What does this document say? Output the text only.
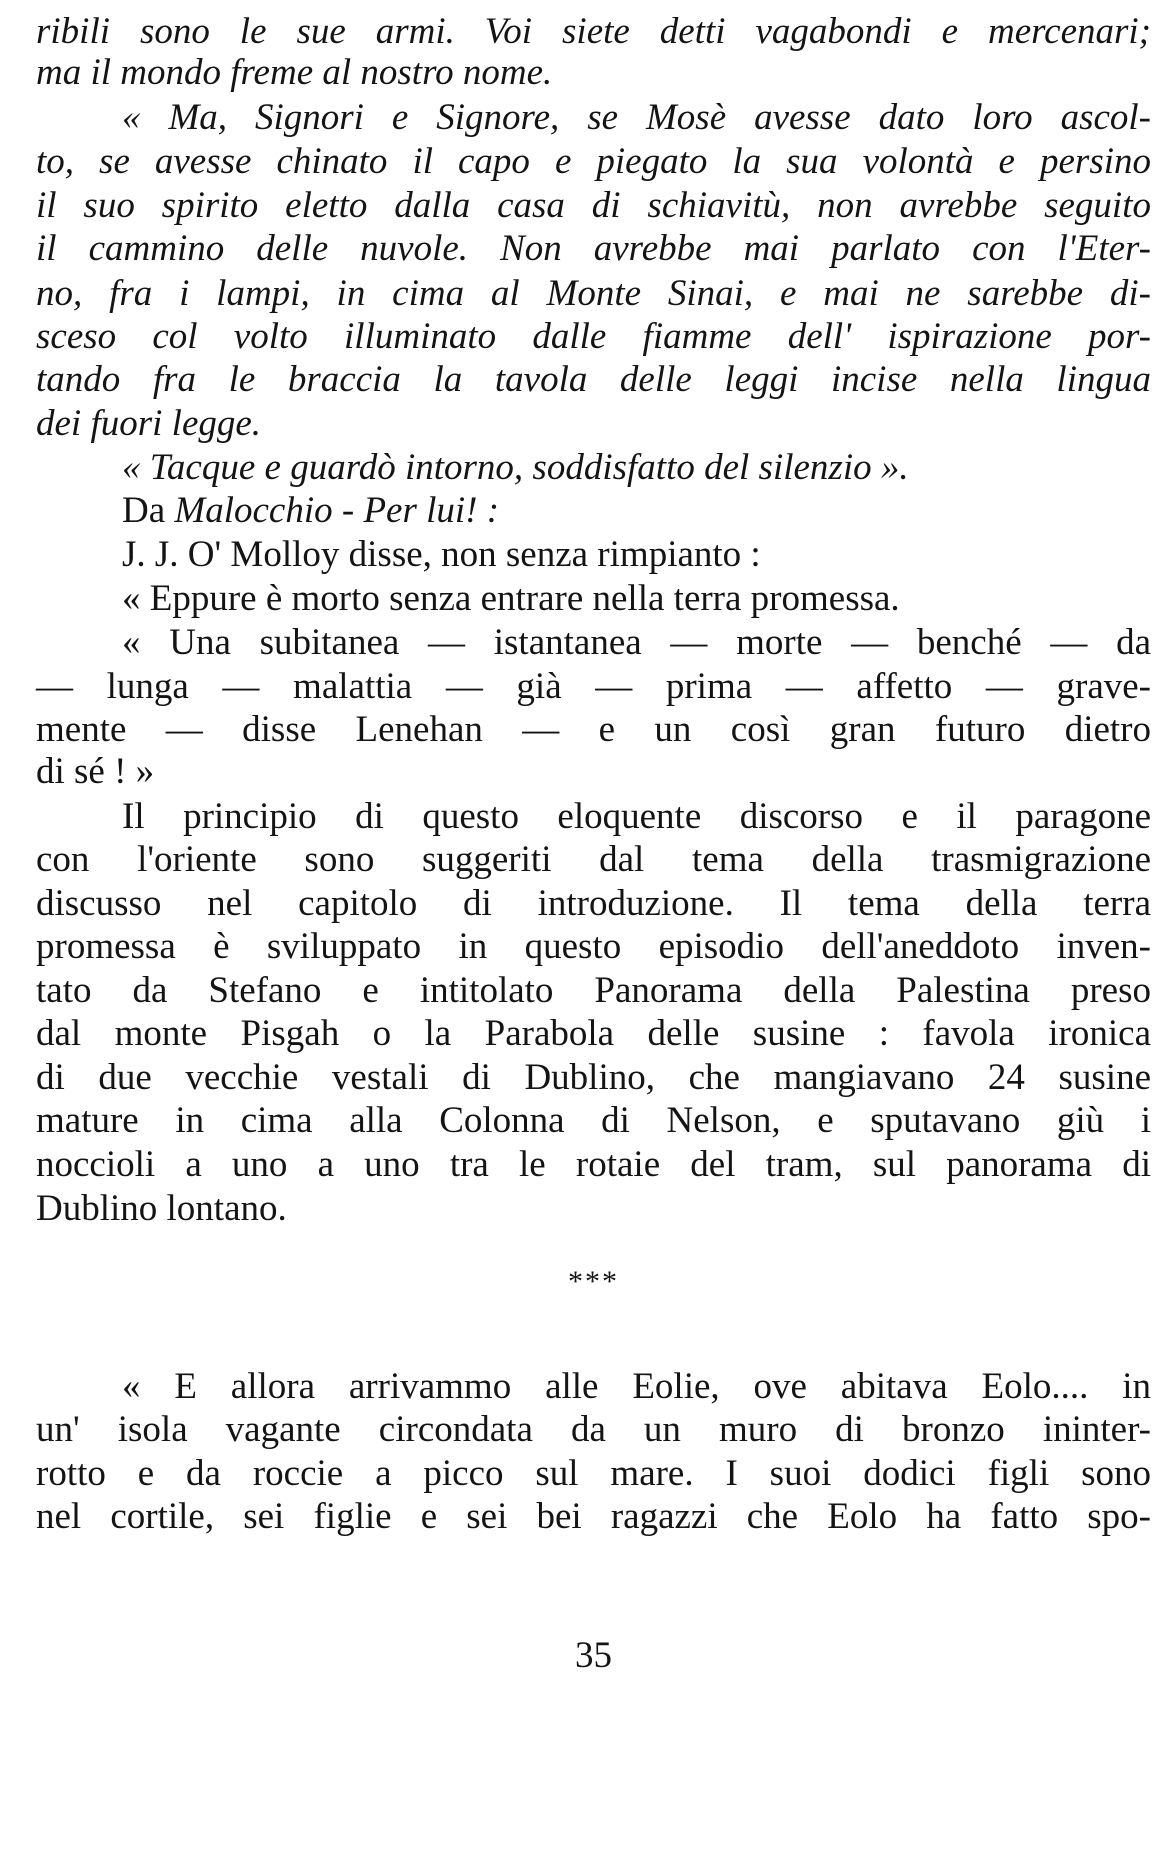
ribili sono le sue armi. Voi siete detti vagabondi e mercenari;
ma il mondo freme al nostro nome.
« Ma, Signori e Signore, se Mosè avesse dato loro ascol-
to, se avesse chinato il capo e piegato la sua volontà e persino
il suo spirito eletto dalla casa di schiavitù, non avrebbe seguito
il cammino delle nuvole. Non avrebbe mai parlato con l'Eter-
no, fra i lampi, in cima al Monte Sinai, e mai ne sarebbe di-
sceso col volto illuminato dalle fiamme dell' ispirazione por-
tando fra le braccia la tavola delle leggi incise nella lingua
dei fuori legge.
« Tacque e guardò intorno, soddisfatto del silenzio ».
Da Malocchio - Per lui! :
J. J. O' Molloy disse, non senza rimpianto :
« Eppure è morto senza entrare nella terra promessa.
« Una subitanea — istantanea — morte — benché — da
— lunga — malattia — già — prima — affetto — grave-
mente — disse Lenehan — e un così gran futuro dietro
di sé ! »
Il principio di questo eloquente discorso e il paragone
con l'oriente sono suggeriti dal tema della trasmigrazione
discusso nel capitolo di introduzione. Il tema della terra
promessa è sviluppato in questo episodio dell'aneddoto inven-
tato da Stefano e intitolato Panorama della Palestina preso
dal monte Pisgah o la Parabola delle susine : favola ironica
di due vecchie vestali di Dublino, che mangiavano 24 susine
mature in cima alla Colonna di Nelson, e sputavano giù i
noccioli a uno a uno tra le rotaie del tram, sul panorama di
Dublino lontano.
***
« E allora arrivammo alle Eolie, ove abitava Eolo.... in
un' isola vagante circondata da un muro di bronzo ininter-
rotto e da roccie a picco sul mare. I suoi dodici figli sono
nel cortile, sei figlie e sei bei ragazzi che Eolo ha fatto spo-
35
